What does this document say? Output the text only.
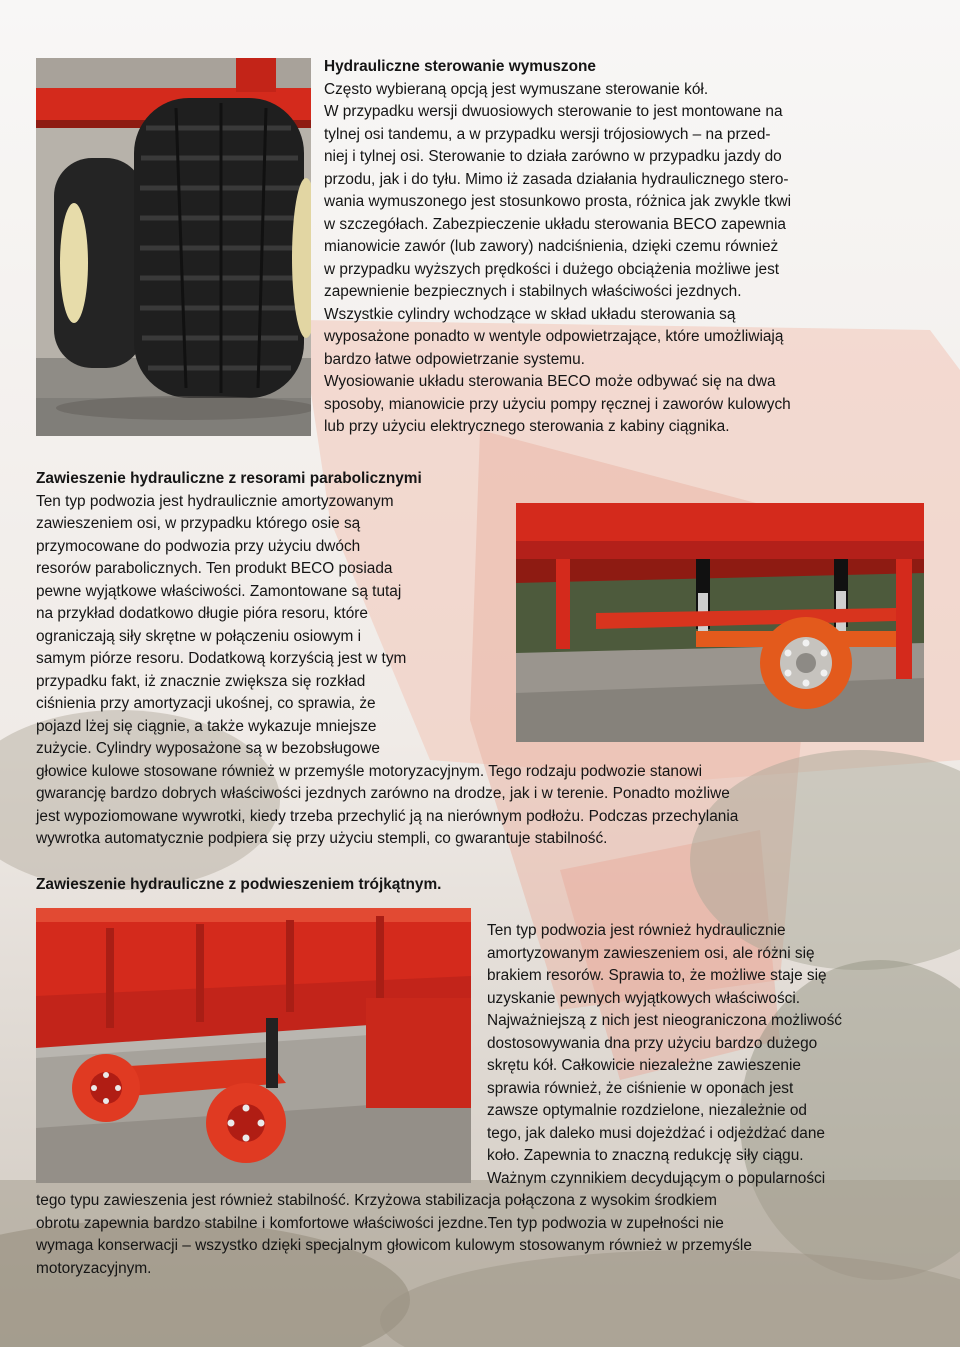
Hydrauliczne sterowanie wymuszone

Często wybieraną opcją jest wymuszane sterowanie kół.

W przypadku wersji dwuosiowych sterowanie to jest montowane na

tylnej osi tandemu, a w przypadku wersji trójosiowych – na przed-

niej i tylnej osi. Sterowanie to działa zarówno w przypadku jazdy do

przodu, jak i do tyłu. Mimo iż zasada działania hydraulicznego stero-

wania wymuszonego jest stosunkowo prosta, różnica jak zwykle tkwi

w szczegółach. Zabezpieczenie układu sterowania BECO zapewnia

mianowicie zawór (lub zawory) nadciśnienia, dzięki czemu również

w przypadku wyższych prędkości i dużego obciążenia możliwe jest

zapewnienie bezpiecznych i stabilnych właściwości jezdnych.

Wszystkie cylindry wchodzące w skład układu sterowania są

wyposażone ponadto w wentyle odpowietrzające, które umożliwiają

bardzo łatwe odpowietrzanie systemu.

Wyosiowanie układu sterowania BECO może odbywać się na dwa

sposoby, mianowicie przy użyciu pompy ręcznej i zaworów kulowych

lub przy użyciu elektrycznego sterowania z kabiny ciągnika.

Zawieszenie hydrauliczne z resorami parabolicznymi

Ten typ podwozia jest hydraulicznie amortyzowanym

zawieszeniem osi, w przypadku którego osie są

przymocowane do podwozia przy użyciu dwóch

resorów parabolicznych. Ten produkt BECO posiada

pewne wyjątkowe właściwości. Zamontowane są tutaj

na przykład dodatkowo długie pióra resoru, które

ograniczają siły skrętne w połączeniu osiowym i

samym piórze resoru. Dodatkową korzyścią jest w tym

przypadku fakt, iż znacznie zwiększa się rozkład

ciśnienia przy amortyzacji ukośnej, co sprawia, że

pojazd lżej się ciągnie, a także wykazuje mniejsze

zużycie. Cylindry wyposażone są w bezobsługowe

głowice kulowe stosowane również w przemyśle motoryzacyjnym. Tego rodzaju podwozie stanowi

gwarancję bardzo dobrych właściwości jezdnych zarówno na drodze, jak i w terenie. Ponadto możliwe

jest wypoziomowane wywrotki, kiedy trzeba przechylić ją na nierównym podłożu. Podczas przechylania

wywrotka automatycznie podpiera się przy użyciu stempli, co gwarantuje stabilność.

Zawieszenie hydrauliczne z podwieszeniem trójkątnym.

Ten typ podwozia jest również hydraulicznie

amortyzowanym zawieszeniem osi, ale różni się

brakiem resorów. Sprawia to, że możliwe staje się

uzyskanie pewnych wyjątkowych właściwości.

Najważniejszą z nich jest nieograniczona możliwość

dostosowywania dna przy użyciu bardzo dużego

skrętu kół. Całkowicie niezależne zawieszenie

sprawia również, że ciśnienie w oponach jest

zawsze optymalnie rozdzielone, niezależnie od

tego, jak daleko musi dojeżdżać i odjeżdżać dane

koło. Zapewnia to znaczną redukcję siły ciągu.

Ważnym czynnikiem decydującym o popularności

tego typu zawieszenia jest również stabilność. Krzyżowa stabilizacja połączona z wysokim środkiem

obrotu zapewnia bardzo stabilne i komfortowe właściwości jezdne.Ten typ podwozia w zupełności nie

wymaga konserwacji – wszystko dzięki specjalnym głowicom kulowym stosowanym również w przemyśle

motoryzacyjnym.
